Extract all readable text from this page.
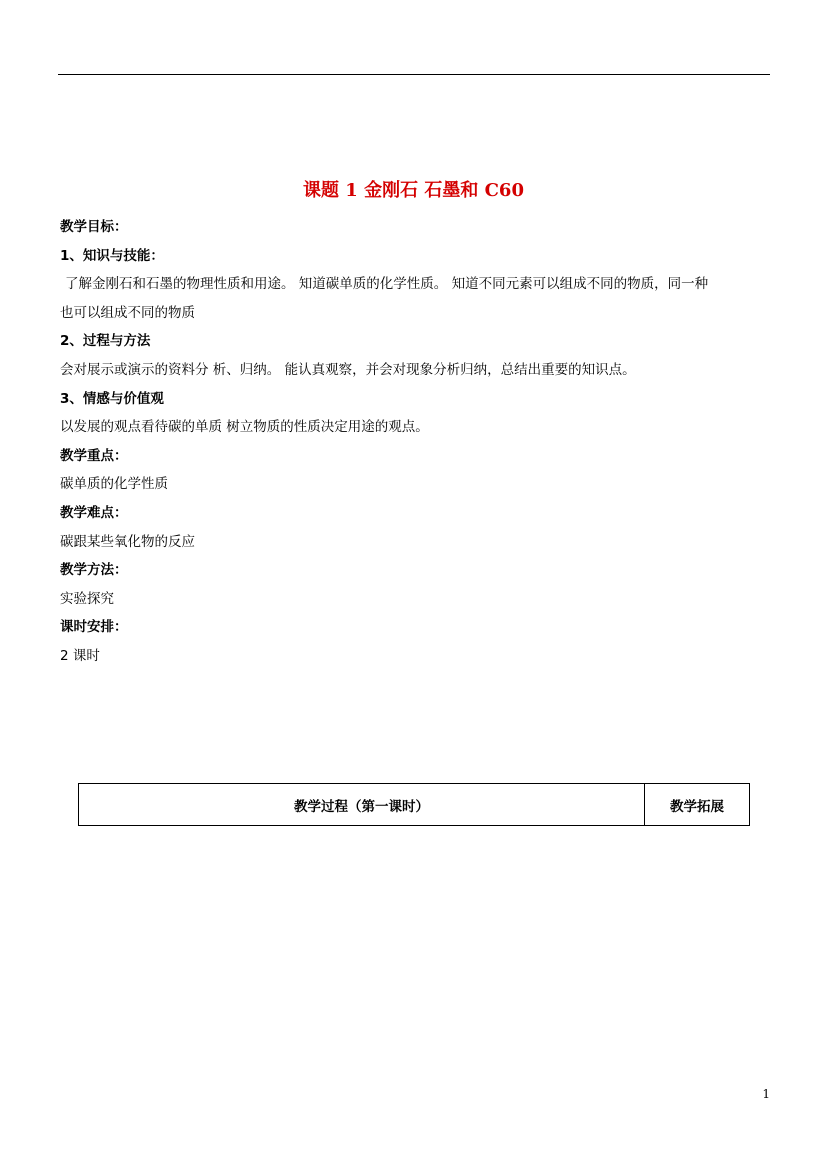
课题 1 金刚石 石墨和 C60
教学目标：
1、知识与技能：
了解金刚石和石墨的物理性质和用途。 知道碳单质的化学性质。 知道不同元素可以组成不同的物质，同一种
也可以组成不同的物质
2、过程与方法
会对展示或演示的资料分 析、归纳。 能认真观察，并会对现象分析归纳，总结出重要的知识点。
3、情感与价值观
以发展的观点看待碳的单质 树立物质的性质决定用途的观点。
教学重点：
碳单质的化学性质
教学难点：
碳跟某些氧化物的反应
教学方法：
实验探究
课时安排：
2 课时
教学过程（第一课时）	教学拓展
1
